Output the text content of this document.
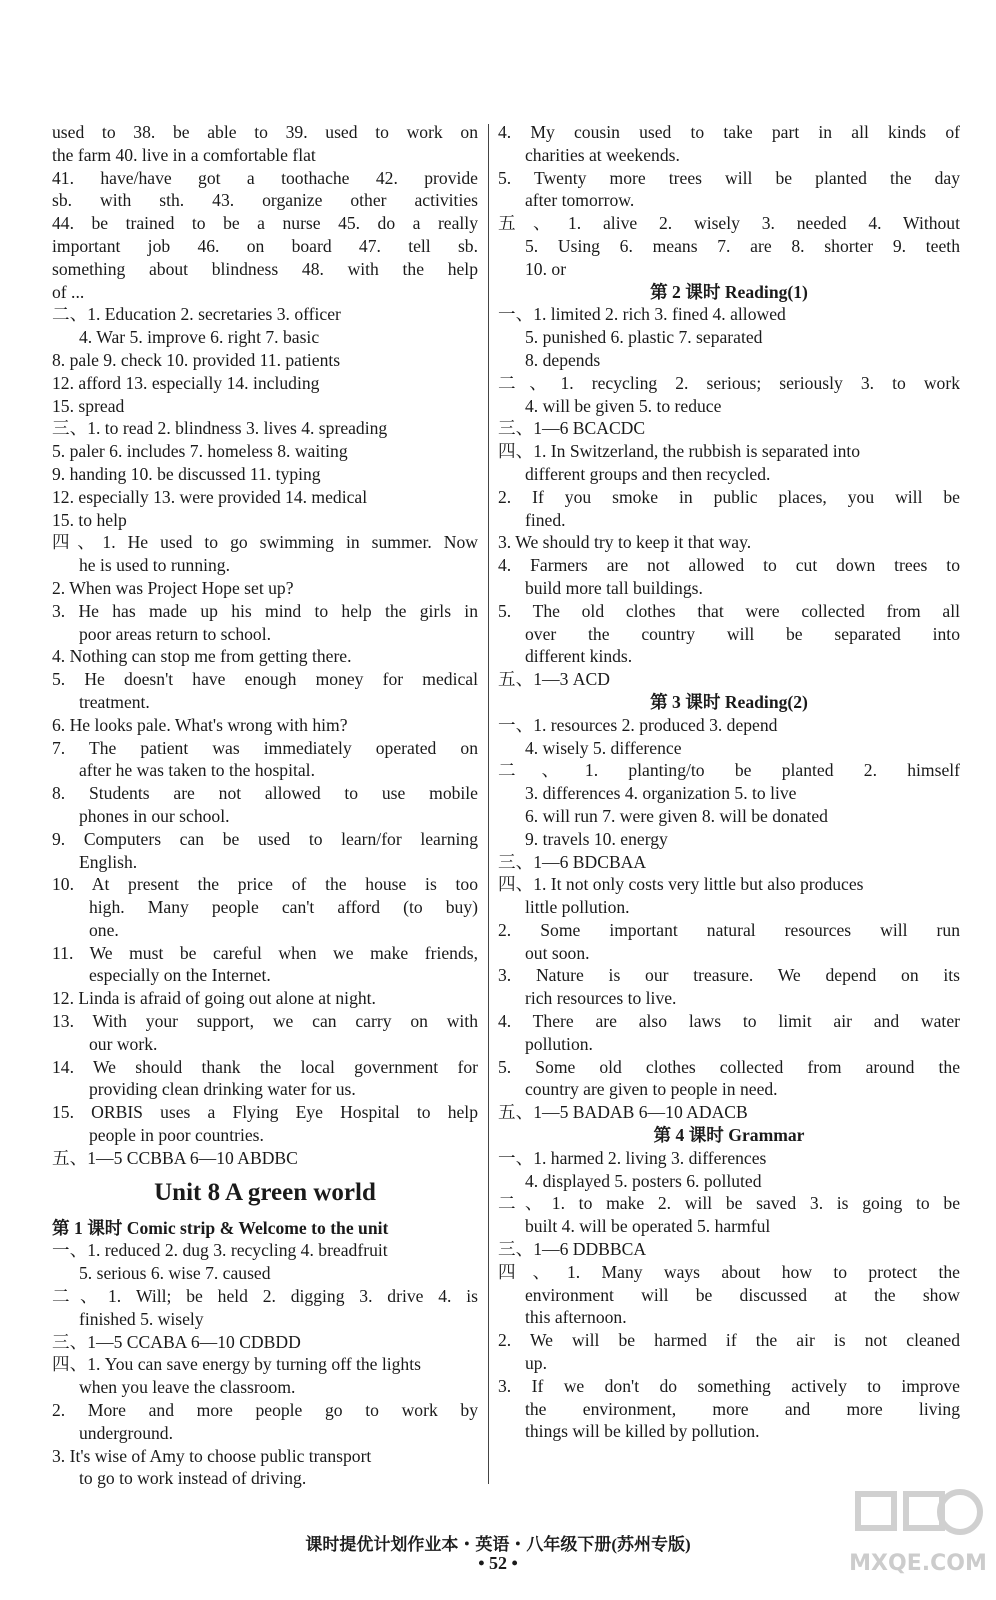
used to 38. be able to 39. used to work on
the farm 40. live in a comfortable flat
41. have/have got a toothache 42. provide
sb. with sth. 43. organize other activities
44. be trained to be a nurse 45. do a really
important job 46. on board 47. tell sb.
something about blindness 48. with the help
of ...
二、1. Education 2. secretaries 3. officer
4. War 5. improve 6. right 7. basic
8. pale 9. check 10. provided 11. patients
12. afford 13. especially 14. including
15. spread
三、1. to read 2. blindness 3. lives 4. spreading
5. paler 6. includes 7. homeless 8. waiting
9. handing 10. be discussed 11. typing
12. especially 13. were provided 14. medical
15. to help
四、1. He used to go swimming in summer. Now
he is used to running.
2. When was Project Hope set up?
3. He has made up his mind to help the girls in
poor areas return to school.
4. Nothing can stop me from getting there.
5. He doesn't have enough money for medical
treatment.
6. He looks pale. What's wrong with him?
7. The patient was immediately operated on
after he was taken to the hospital.
8. Students are not allowed to use mobile
phones in our school.
9. Computers can be used to learn/for learning
English.
10. At present the price of the house is too
high. Many people can't afford (to buy)
one.
11. We must be careful when we make friends,
especially on the Internet.
12. Linda is afraid of going out alone at night.
13. With your support, we can carry on with
our work.
14. We should thank the local government for
providing clean drinking water for us.
15. ORBIS uses a Flying Eye Hospital to help
people in poor countries.
五、1—5 CCBBA 6—10 ABDBC
Unit 8 A green world
第 1 课时 Comic strip & Welcome to the unit
一、1. reduced 2. dug 3. recycling 4. breadfruit
5. serious 6. wise 7. caused
二、1. Will; be held 2. digging 3. drive 4. is
finished 5. wisely
三、1—5 CCABA 6—10 CDBDD
四、1. You can save energy by turning off the lights
when you leave the classroom.
2. More and more people go to work by
underground.
3. It's wise of Amy to choose public transport
to go to work instead of driving.
4. My cousin used to take part in all kinds of
charities at weekends.
5. Twenty more trees will be planted the day
after tomorrow.
五、1. alive 2. wisely 3. needed 4. Without
5. Using 6. means 7. are 8. shorter 9. teeth
10. or
第 2 课时 Reading(1)
一、1. limited 2. rich 3. fined 4. allowed
5. punished 6. plastic 7. separated
8. depends
二、1. recycling 2. serious; seriously 3. to work
4. will be given 5. to reduce
三、1—6 BCACDC
四、1. In Switzerland, the rubbish is separated into
different groups and then recycled.
2. If you smoke in public places, you will be
fined.
3. We should try to keep it that way.
4. Farmers are not allowed to cut down trees to
build more tall buildings.
5. The old clothes that were collected from all
over the country will be separated into
different kinds.
五、1—3 ACD
第 3 课时 Reading(2)
一、1. resources 2. produced 3. depend
4. wisely 5. difference
二、1. planting/to be planted 2. himself
3. differences 4. organization 5. to live
6. will run 7. were given 8. will be donated
9. travels 10. energy
三、1—6 BDCBAA
四、1. It not only costs very little but also produces
little pollution.
2. Some important natural resources will run
out soon.
3. Nature is our treasure. We depend on its
rich resources to live.
4. There are also laws to limit air and water
pollution.
5. Some old clothes collected from around the
country are given to people in need.
五、1—5 BADAB 6—10 ADACB
第 4 课时 Grammar
一、1. harmed 2. living 3. differences
4. displayed 5. posters 6. polluted
二、1. to make 2. will be saved 3. is going to be
built 4. will be operated 5. harmful
三、1—6 DDBBCA
四、1. Many ways about how to protect the
environment will be discussed at the show
this afternoon.
2. We will be harmed if the air is not cleaned
up.
3. If we don't do something actively to improve
the environment, more and more living
things will be killed by pollution.
课时提优计划作业本・英语・八年级下册(苏州专版)
• 52 •	MXQE.COM
